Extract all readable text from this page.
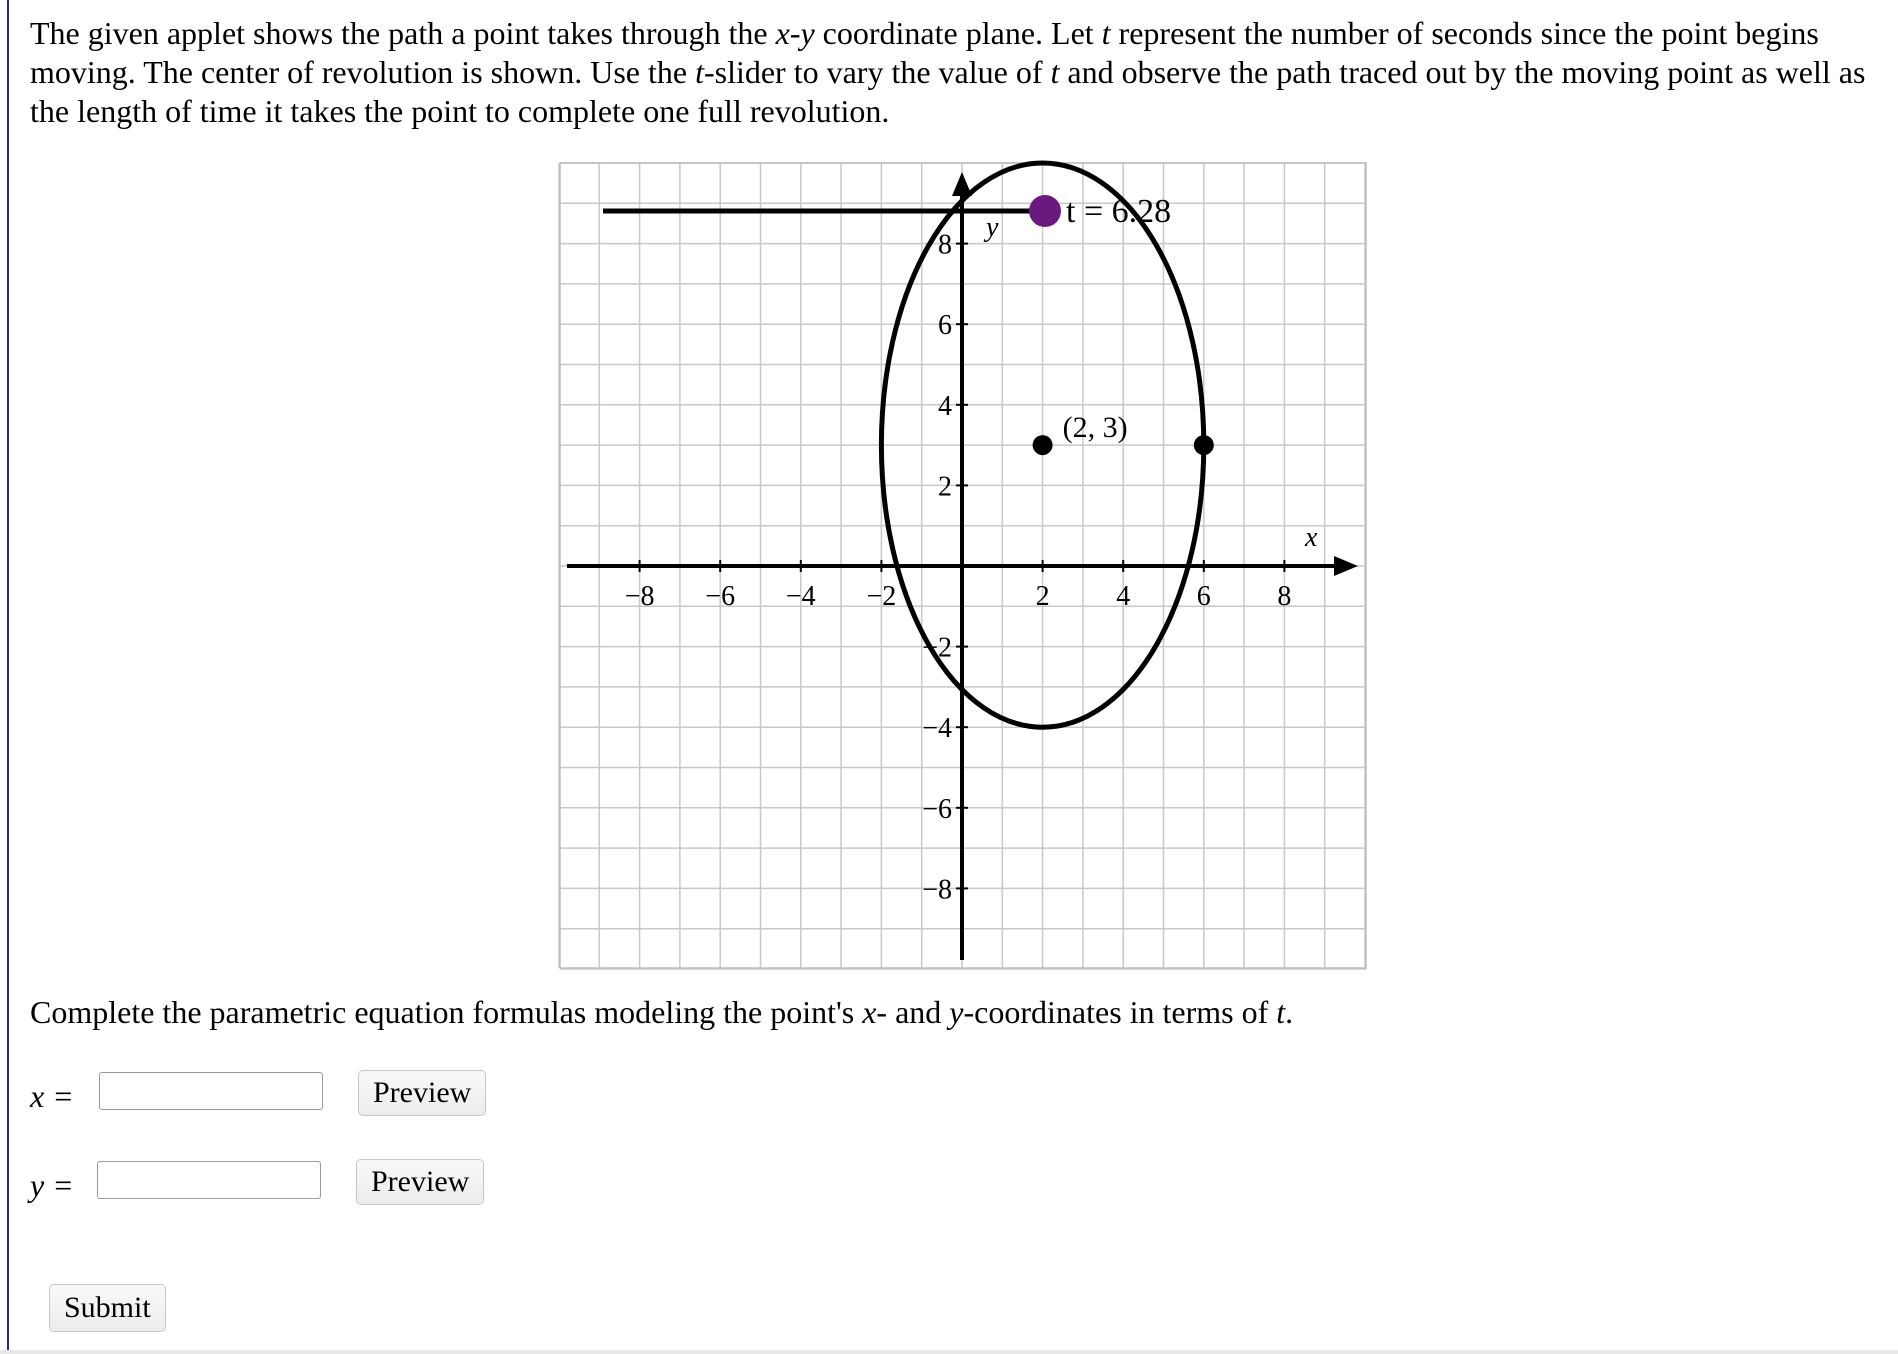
The given applet shows the path a point takes through the x-y coordinate plane. Let t represent the number of seconds since the point begins moving. The center of revolution is shown. Use the t-slider to vary the value of t and observe the path traced out by the moving point as well as the length of time it takes the point to complete one full revolution.

−8 −6 −4 −2	2 4 6 8
8
6
4
2
−2
−4
−6
−8
t = 6.28
(2, 3)
x
y

Complete the parametric equation formulas modeling the point's x- and y-coordinates in terms of t.

x =	Preview
y =	Preview
Submit
